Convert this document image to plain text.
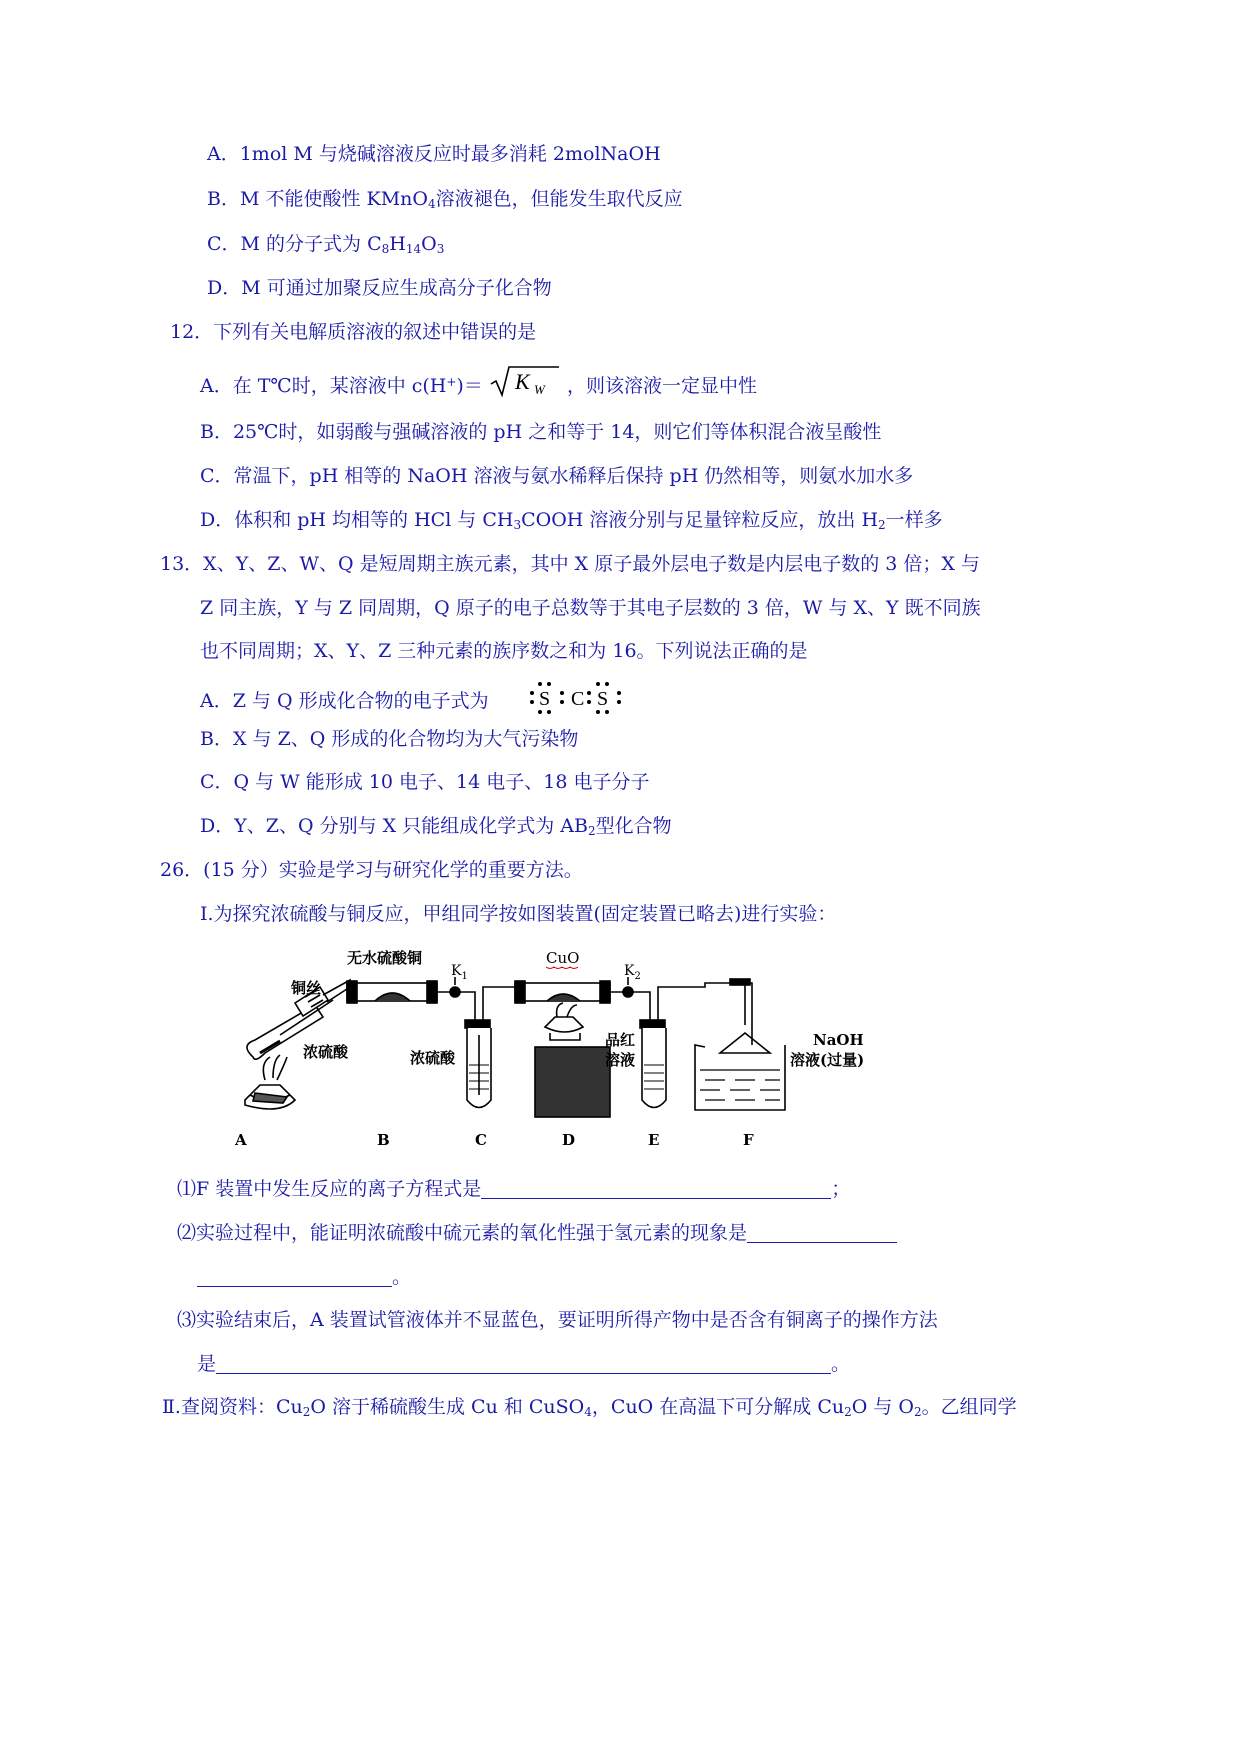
A．1mol M 与烧碱溶液反应时最多消耗 2molNaOH
B．M 不能使酸性 KMnO$_4$溶液褪色，但能发生取代反应
C．M 的分子式为 $C_8H_{14}O_3$
D．M 可通过加聚反应生成高分子化合物
12．下列有关电解质溶液的叙述中错误的是
A．在 T℃时，某溶液中 c(H+)＝ K W ，则该溶液一定显中性
B．25℃时，如弱酸与强碱溶液的 pH 之和等于 14，则它们等体积混合液呈酸性
C．常温下，pH 相等的 NaOH 溶液与氨水稀释后保持 pH 仍然相等，则氨水加水多
D．体积和 pH 均相等的 HCl 与 $CH_3COOH$ 溶液分别与足量锌粒反应，放出 $H_2$一样多
13．X、Y、Z、W、Q 是短周期主族元素，其中 X 原子最外层电子数是内层电子数的 3 倍；X 与
Z 同主族，Y 与 Z 同周期，Q 原子的电子总数等于其电子层数的 3 倍，W 与 X、Y 既不同族
也不同周期；X、Y、Z 三种元素的族序数之和为 16。下列说法正确的是
A．Z 与 Q 形成化合物的电子式为	S C S
B．X 与 Z、Q 形成的化合物均为大气污染物
C．Q 与 W 能形成 10 电子、14 电子、18 电子分子
D．Y、Z、Q 分别与 X 只能组成化学式为 $AB_2$型化合物
26．(15 分）实验是学习与研究化学的重要方法。
Ⅰ.为探究浓硫酸与铜反应，甲组同学按如图装置(固定装置已略去)进行实验：
无水硫酸铜	CuO
$K_1$	$K_2$
铜丝
浓硫酸	浓硫酸
品红
溶液
NaOH
溶液(过量)
A	B	C	D	E	F
⑴F 装置中发生反应的离子方程式是	；
⑵实验过程中，能证明浓硫酸中硫元素的氧化性强于氢元素的现象是
。
⑶实验结束后，A 装置试管液体并不显蓝色，要证明所得产物中是否含有铜离子的操作方法
是	。
Ⅱ.查阅资料：$Cu_2O$ 溶于稀硫酸生成 Cu 和 CuSO$_4$，CuO 在高温下可分解成 $Cu_2O$ 与 $O_2$。乙组同学
